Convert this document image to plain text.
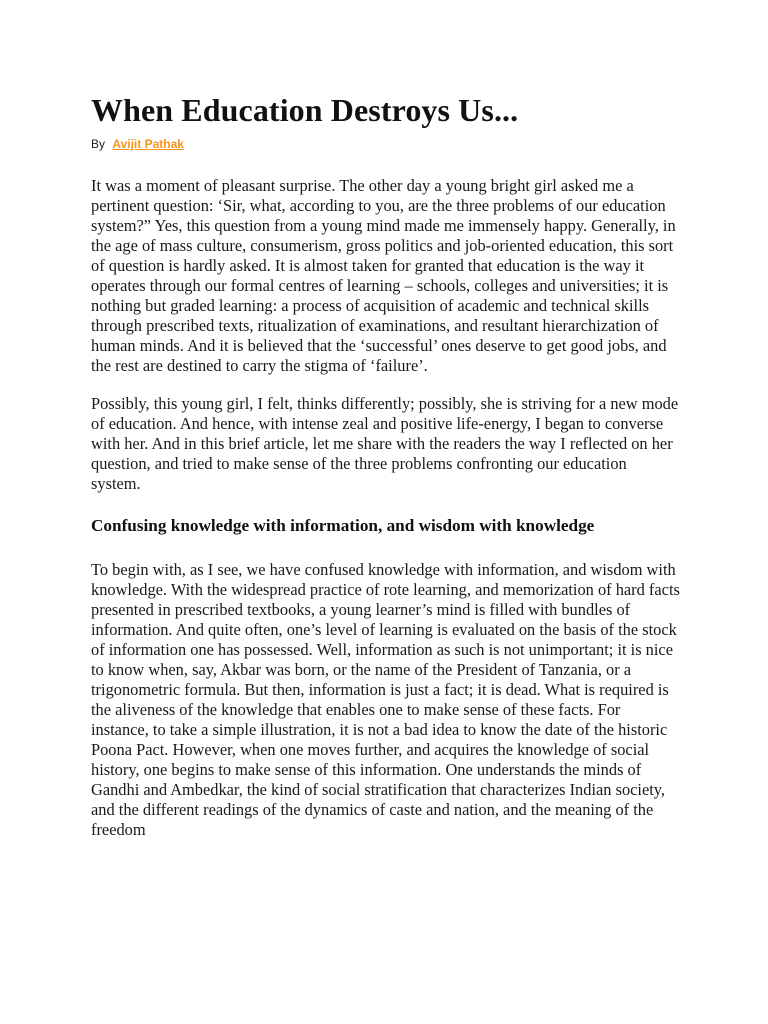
When Education Destroys Us...
By Avijit Pathak

It was a moment of pleasant surprise. The other day a young bright girl asked me a pertinent question: ‘Sir, what, according to you, are the three problems of our education system?” Yes, this question from a young mind made me immensely happy. Generally, in the age of mass culture, consumerism, gross politics and job-oriented education, this sort of question is hardly asked. It is almost taken for granted that education is the way it operates through our formal centres of learning – schools, colleges and universities; it is nothing but graded learning: a process of acquisition of academic and technical skills through prescribed texts, ritualization of examinations, and resultant hierarchization of human minds. And it is believed that the ‘successful’ ones deserve to get good jobs, and the rest are destined to carry the stigma of ‘failure’.

Possibly, this young girl, I felt, thinks differently; possibly, she is striving for a new mode of education. And hence, with intense zeal and positive life-energy, I began to converse with her. And in this brief article, let me share with the readers the way I reflected on her question, and tried to make sense of the three problems confronting our education system.

Confusing knowledge with information, and wisdom with knowledge

To begin with, as I see, we have confused knowledge with information, and wisdom with knowledge. With the widespread practice of rote learning, and memorization of hard facts presented in prescribed textbooks, a young learner’s mind is filled with bundles of information. And quite often, one’s level of learning is evaluated on the basis of the stock of information one has possessed. Well, information as such is not unimportant; it is nice to know when, say, Akbar was born, or the name of the President of Tanzania, or a trigonometric formula. But then, information is just a fact; it is dead. What is required is the aliveness of the knowledge that enables one to make sense of these facts. For instance, to take a simple illustration, it is not a bad idea to know the date of the historic Poona Pact. However, when one moves further, and acquires the knowledge of social history, one begins to make sense of this information. One understands the minds of Gandhi and Ambedkar, the kind of social stratification that characterizes Indian society, and the different readings of the dynamics of caste and nation, and the meaning of the freedom
